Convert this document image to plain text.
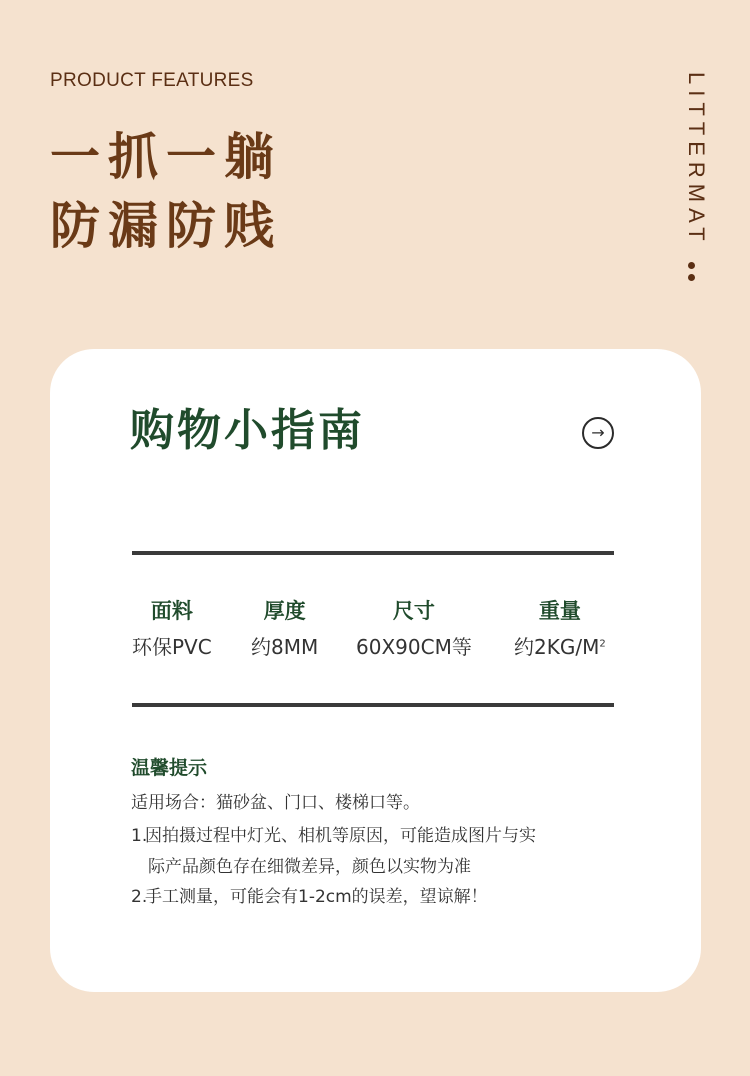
PRODUCT FEATURES
一抓一躺
防漏防贱	LITTERMAT
购物小指南	→
面料
环保PVC
厚度
约8MM
尺寸
60X90CM等
重量
约$2KG/M^2$
温馨提示
适用场合：猫砂盆、门口、楼梯口等。
1.因拍摄过程中灯光、相机等原因，可能造成图片与实
际产品颜色存在细微差异，颜色以实物为准
2.手工测量，可能会有1-2cm的误差，望谅解！
